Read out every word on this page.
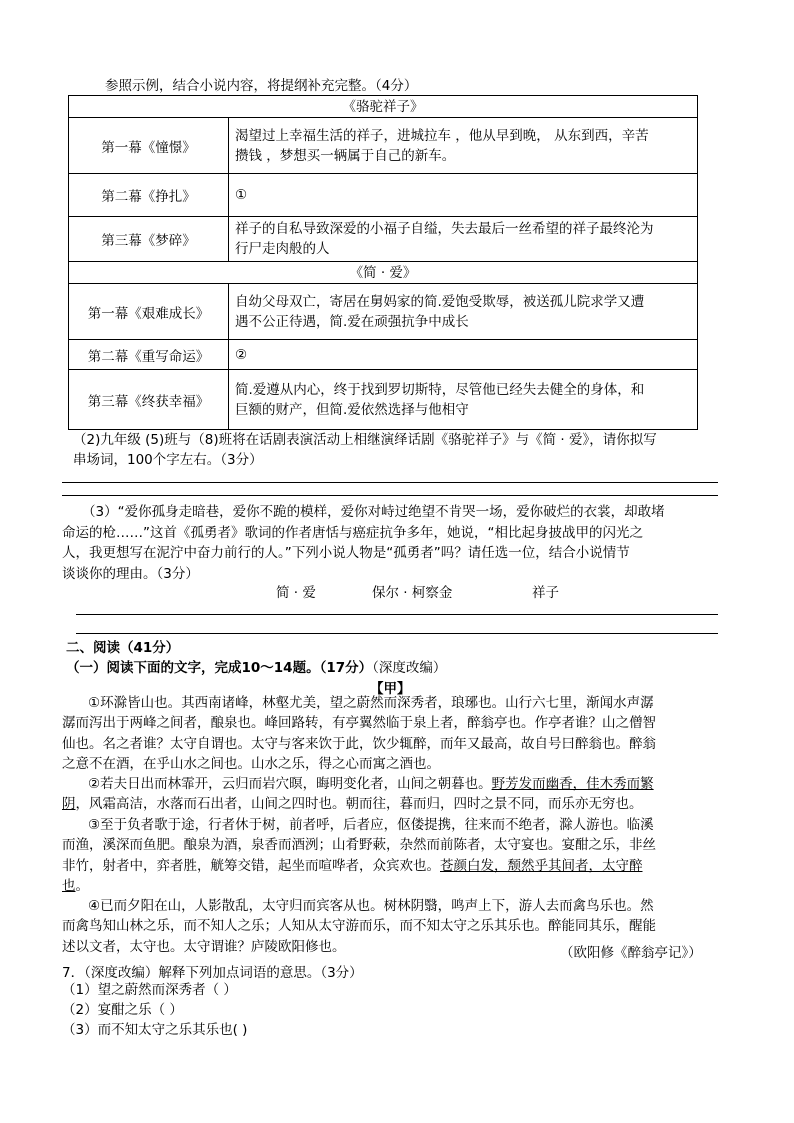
参照示例，结合小说内容，将提纲补充完整。（4分）
《骆驼祥子》	
第一幕《憧憬》	渴望过上幸福生活的祥子，进城拉车 ，他从早到晚， 从东到西，辛苦
攒钱 ，梦想买一辆属于自己的新车。

第二幕《挣扎》	①
第三幕《梦碎》	祥子的自私导致深爱的小福子自缢，失去最后一丝希望的祥子最终沦为
行尸走肉般的人

《简 · 爱》	
第一幕《艰难成长》	自幼父母双亡，寄居在舅妈家的简.爱饱受欺辱，被送孤儿院求学又遭
遇不公正待遇，简.爱在顽强抗争中成长

第二幕《重写命运》	②
第三幕《终获幸福》	简.爱遵从内心，终于找到罗切斯特，尽管他已经失去健全的身体，和
巨额的财产，但简.爱依然选择与他相守
（2)九年级 (5)班与（8)班将在话剧表演活动上相继演绎话剧《骆驼祥子》与《简 · 爱》，请你拟写
串场词，100个字左右。（3分）
（3）“爱你孤身走暗巷，爱你不跪的模样，爱你对峙过绝望不肯哭一场，爱你破烂的衣裳，却敢堵
命运的枪……”这首《孤勇者》歌词的作者唐恬与癌症抗争多年，她说，“相比起身披战甲的闪光之
人，我更想写在泥泞中奋力前行的人。”下列小说人物是“孤勇者”吗？请任选一位，结合小说情节
谈谈你的理由。（3分）
简 · 爱	保尔 · 柯察金	祥子
二、阅读（41分）
（一）阅读下面的文字，完成10～14题。（17分）（深度改编）
【甲】
①环滁皆山也。其西南诸峰，林壑尤美，望之蔚然而深秀者，琅琊也。山行六七里，渐闻水声潺
潺而泻出于两峰之间者，酿泉也。峰回路转，有亭翼然临于泉上者，醉翁亭也。作亭者谁？山之僧智
仙也。名之者谁？太守自谓也。太守与客来饮于此，饮少辄醉，而年又最高，故自号曰醉翁也。醉翁
之意不在酒，在乎山水之间也。山水之乐，得之心而寓之酒也。
②若夫日出而林霏开，云归而岩穴暝，晦明变化者，山间之朝暮也。野芳发而幽香，佳木秀而繁
阴，风霜高洁，水落而石出者，山间之四时也。朝而往，暮而归，四时之景不同，而乐亦无穷也。
③至于负者歌于途，行者休于树，前者呼，后者应，伛偻提携，往来而不绝者，滁人游也。临溪
而渔，溪深而鱼肥。酿泉为酒，泉香而酒洌；山肴野蔌，杂然而前陈者，太守宴也。宴酣之乐，非丝
非竹，射者中，弈者胜，觥筹交错，起坐而喧哗者，众宾欢也。苍颜白发，颓然乎其间者，太守醉
也。
④已而夕阳在山，人影散乱，太守归而宾客从也。树林阴翳，鸣声上下，游人去而禽鸟乐也。然
而禽鸟知山林之乐，而不知人之乐；人知从太守游而乐，而不知太守之乐其乐也。醉能同其乐，醒能
述以文者，太守也。太守谓谁？庐陵欧阳修也。	（欧阳修《醉翁亭记》）
7．（深度改编）解释下列加点词语的意思。（3分）
（1）望之蔚然而深秀者（ ）
（2）宴酣之乐（ ）
（3）而不知太守之乐其乐也( )
